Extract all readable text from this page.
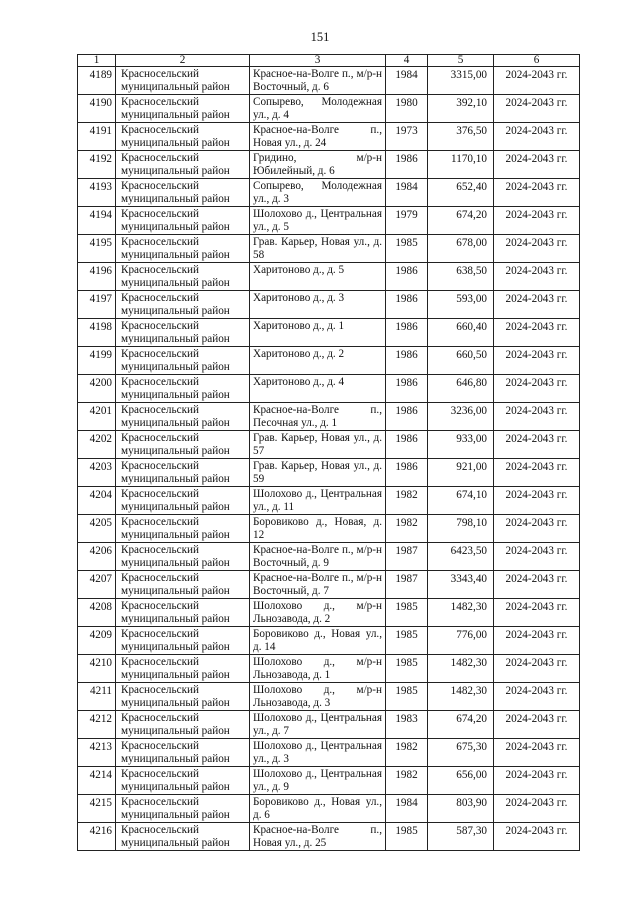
151
1	2	3	4	5	6
4189	Красносельский муниципальный район	Красное-на-Волге п., м/р-н Восточный, д. 6	1984	3315,00	2024-2043 гг.
4190	Красносельский муниципальный район	Сопырево, Молодежная ул., д. 4	1980	392,10	2024-2043 гг.
4191	Красносельский муниципальный район	Красное-на-Волге п., Новая ул., д. 24	1973	376,50	2024-2043 гг.
4192	Красносельский муниципальный район	Гридино, м/р-н Юбилейный, д. 6	1986	1170,10	2024-2043 гг.
4193	Красносельский муниципальный район	Сопырево, Молодежная ул., д. 3	1984	652,40	2024-2043 гг.
4194	Красносельский муниципальный район	Шолохово д., Центральная ул., д. 5	1979	674,20	2024-2043 гг.
4195	Красносельский муниципальный район	Грав. Карьер, Новая ул., д. 58	1985	678,00	2024-2043 гг.
4196	Красносельский муниципальный район	Харитоново д., д. 5	1986	638,50	2024-2043 гг.
4197	Красносельский муниципальный район	Харитоново д., д. 3	1986	593,00	2024-2043 гг.
4198	Красносельский муниципальный район	Харитоново д., д. 1	1986	660,40	2024-2043 гг.
4199	Красносельский муниципальный район	Харитоново д., д. 2	1986	660,50	2024-2043 гг.
4200	Красносельский муниципальный район	Харитоново д., д. 4	1986	646,80	2024-2043 гг.
4201	Красносельский муниципальный район	Красное-на-Волге п., Песочная ул., д. 1	1986	3236,00	2024-2043 гг.
4202	Красносельский муниципальный район	Грав. Карьер, Новая ул., д. 57	1986	933,00	2024-2043 гг.
4203	Красносельский муниципальный район	Грав. Карьер, Новая ул., д. 59	1986	921,00	2024-2043 гг.
4204	Красносельский муниципальный район	Шолохово д., Центральная ул., д. 11	1982	674,10	2024-2043 гг.
4205	Красносельский муниципальный район	Боровиково д., Новая, д. 12	1982	798,10	2024-2043 гг.
4206	Красносельский муниципальный район	Красное-на-Волге п., м/р-н Восточный, д. 9	1987	6423,50	2024-2043 гг.
4207	Красносельский муниципальный район	Красное-на-Волге п., м/р-н Восточный, д. 7	1987	3343,40	2024-2043 гг.
4208	Красносельский муниципальный район	Шолохово д., м/р-н Льнозавода, д. 2	1985	1482,30	2024-2043 гг.
4209	Красносельский муниципальный район	Боровиково д., Новая ул., д. 14	1985	776,00	2024-2043 гг.
4210	Красносельский муниципальный район	Шолохово д., м/р-н Льнозавода, д. 1	1985	1482,30	2024-2043 гг.
4211	Красносельский муниципальный район	Шолохово д., м/р-н Льнозавода, д. 3	1985	1482,30	2024-2043 гг.
4212	Красносельский муниципальный район	Шолохово д., Центральная ул., д. 7	1983	674,20	2024-2043 гг.
4213	Красносельский муниципальный район	Шолохово д., Центральная ул., д. 3	1982	675,30	2024-2043 гг.
4214	Красносельский муниципальный район	Шолохово д., Центральная ул., д. 9	1982	656,00	2024-2043 гг.
4215	Красносельский муниципальный район	Боровиково д., Новая ул., д. 6	1984	803,90	2024-2043 гг.
4216	Красносельский муниципальный район	Красное-на-Волге п., Новая ул., д. 25	1985	587,30	2024-2043 гг.
